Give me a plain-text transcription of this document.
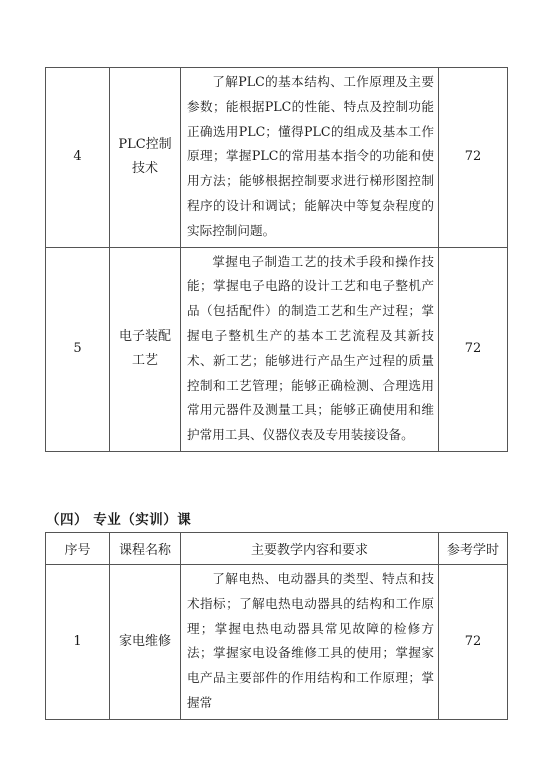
4	PLC控制技术	了解PLC的基本结构、工作原理及主要参数；能根据PLC的性能、特点及控制功能正确选用PLC；懂得PLC的组成及基本工作原理；掌握PLC的常用基本指令的功能和使用方法；能够根据控制要求进行梯形图控制程序的设计和调试；能解决中等复杂程度的实际控制问题。	72
5	电子装配工艺	掌握电子制造工艺的技术手段和操作技能；掌握电子电路的设计工艺和电子整机产品（包括配件）的制造工艺和生产过程；掌握电子整机生产的基本工艺流程及其新技术、新工艺；能够进行产品生产过程的质量控制和工艺管理；能够正确检测、合理选用常用元器件及测量工具；能够正确使用和维护常用工具、仪器仪表及专用装接设备。	72
（四） 专业（实训）课
序号	课程名称	主要教学内容和要求	参考学时
1	家电维修	了解电热、电动器具的类型、特点和技术指标；了解电热电动器具的结构和工作原理；掌握电热电动器具常见故障的检修方法；掌握家电设备维修工具的使用；掌握家电产品主要部件的作用结构和工作原理；掌握常	72
